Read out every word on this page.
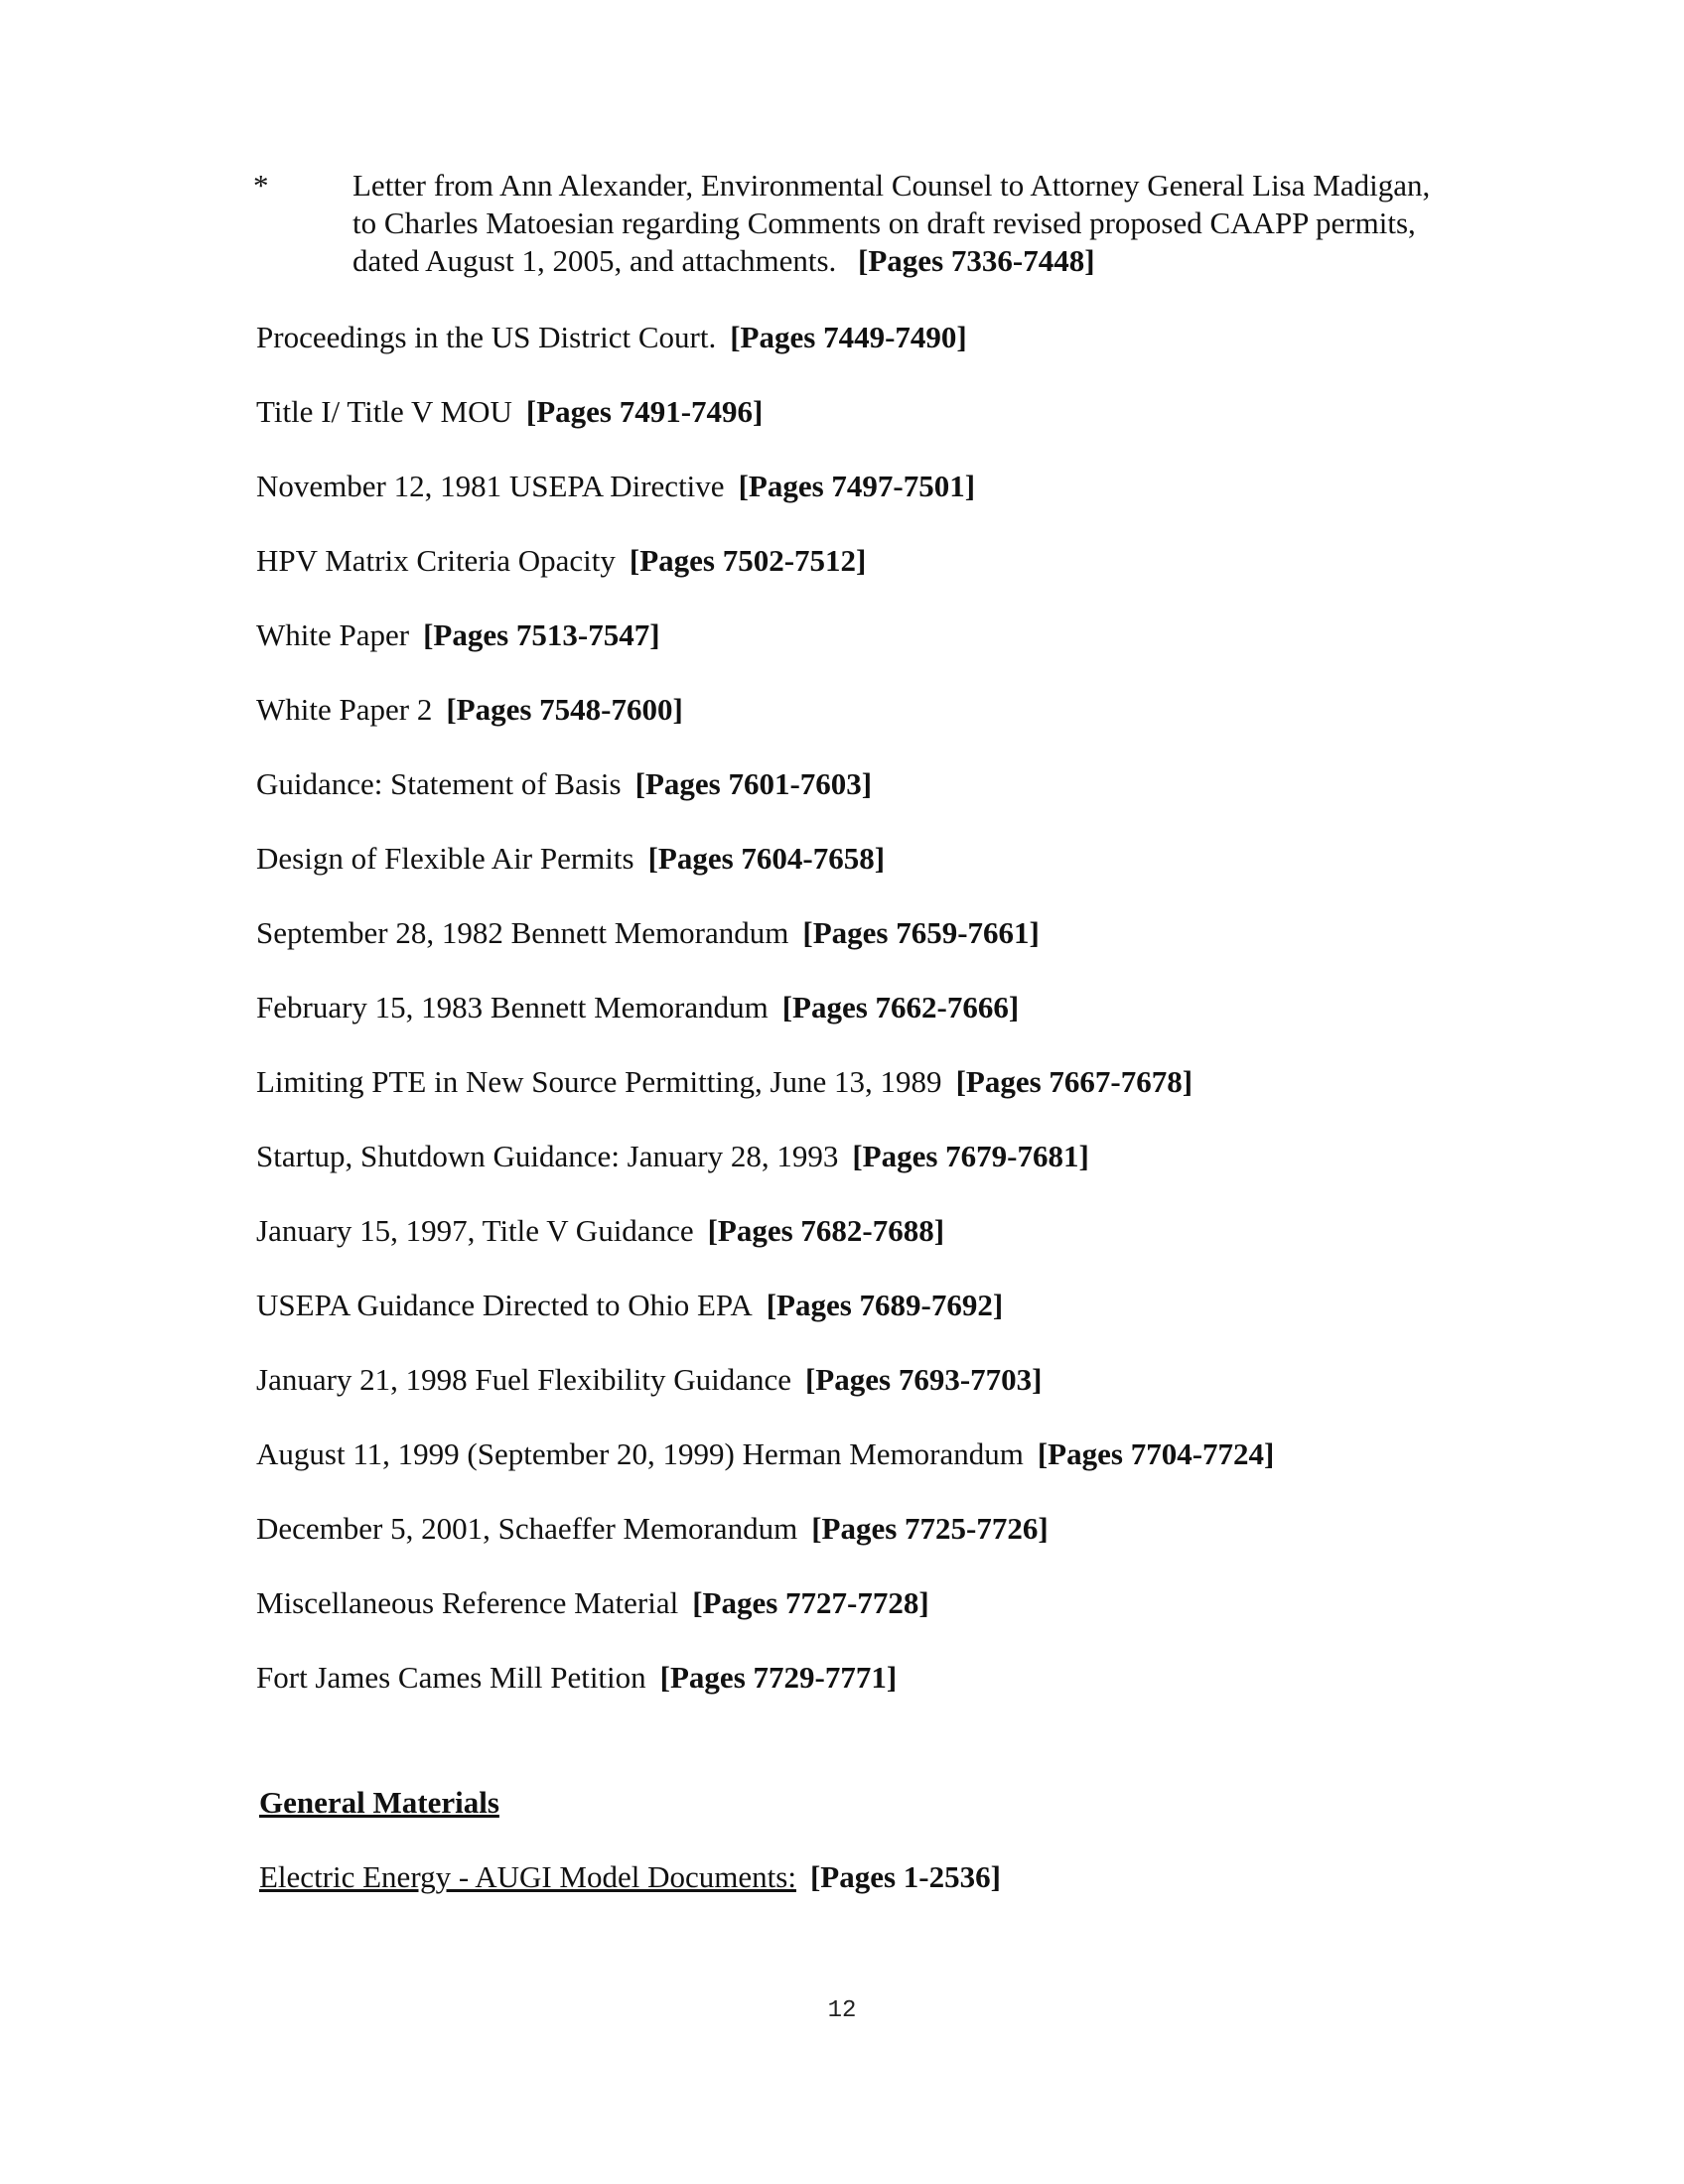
*	Letter from Ann Alexander, Environmental Counsel to Attorney General Lisa Madigan, to Charles Matoesian regarding Comments on draft revised proposed CAAPP permits, dated August 1, 2005, and attachments. [Pages 7336-7448]
Proceedings in the US District Court. [Pages 7449-7490]
Title I/ Title V MOU [Pages 7491-7496]
November 12, 1981 USEPA Directive [Pages 7497-7501]
HPV Matrix Criteria Opacity [Pages 7502-7512]
White Paper [Pages 7513-7547]
White Paper 2 [Pages 7548-7600]
Guidance: Statement of Basis [Pages 7601-7603]
Design of Flexible Air Permits [Pages 7604-7658]
September 28, 1982 Bennett Memorandum [Pages 7659-7661]
February 15, 1983 Bennett Memorandum [Pages 7662-7666]
Limiting PTE in New Source Permitting, June 13, 1989 [Pages 7667-7678]
Startup, Shutdown Guidance: January 28, 1993 [Pages 7679-7681]
January 15, 1997, Title V Guidance [Pages 7682-7688]
USEPA Guidance Directed to Ohio EPA [Pages 7689-7692]
January 21, 1998 Fuel Flexibility Guidance [Pages 7693-7703]
August 11, 1999 (September 20, 1999) Herman Memorandum [Pages 7704-7724]
December 5, 2001, Schaeffer Memorandum [Pages 7725-7726]
Miscellaneous Reference Material [Pages 7727-7728]
Fort James Cames Mill Petition [Pages 7729-7771]
General Materials
Electric Energy - AUGI Model Documents: [Pages 1-2536]
12
